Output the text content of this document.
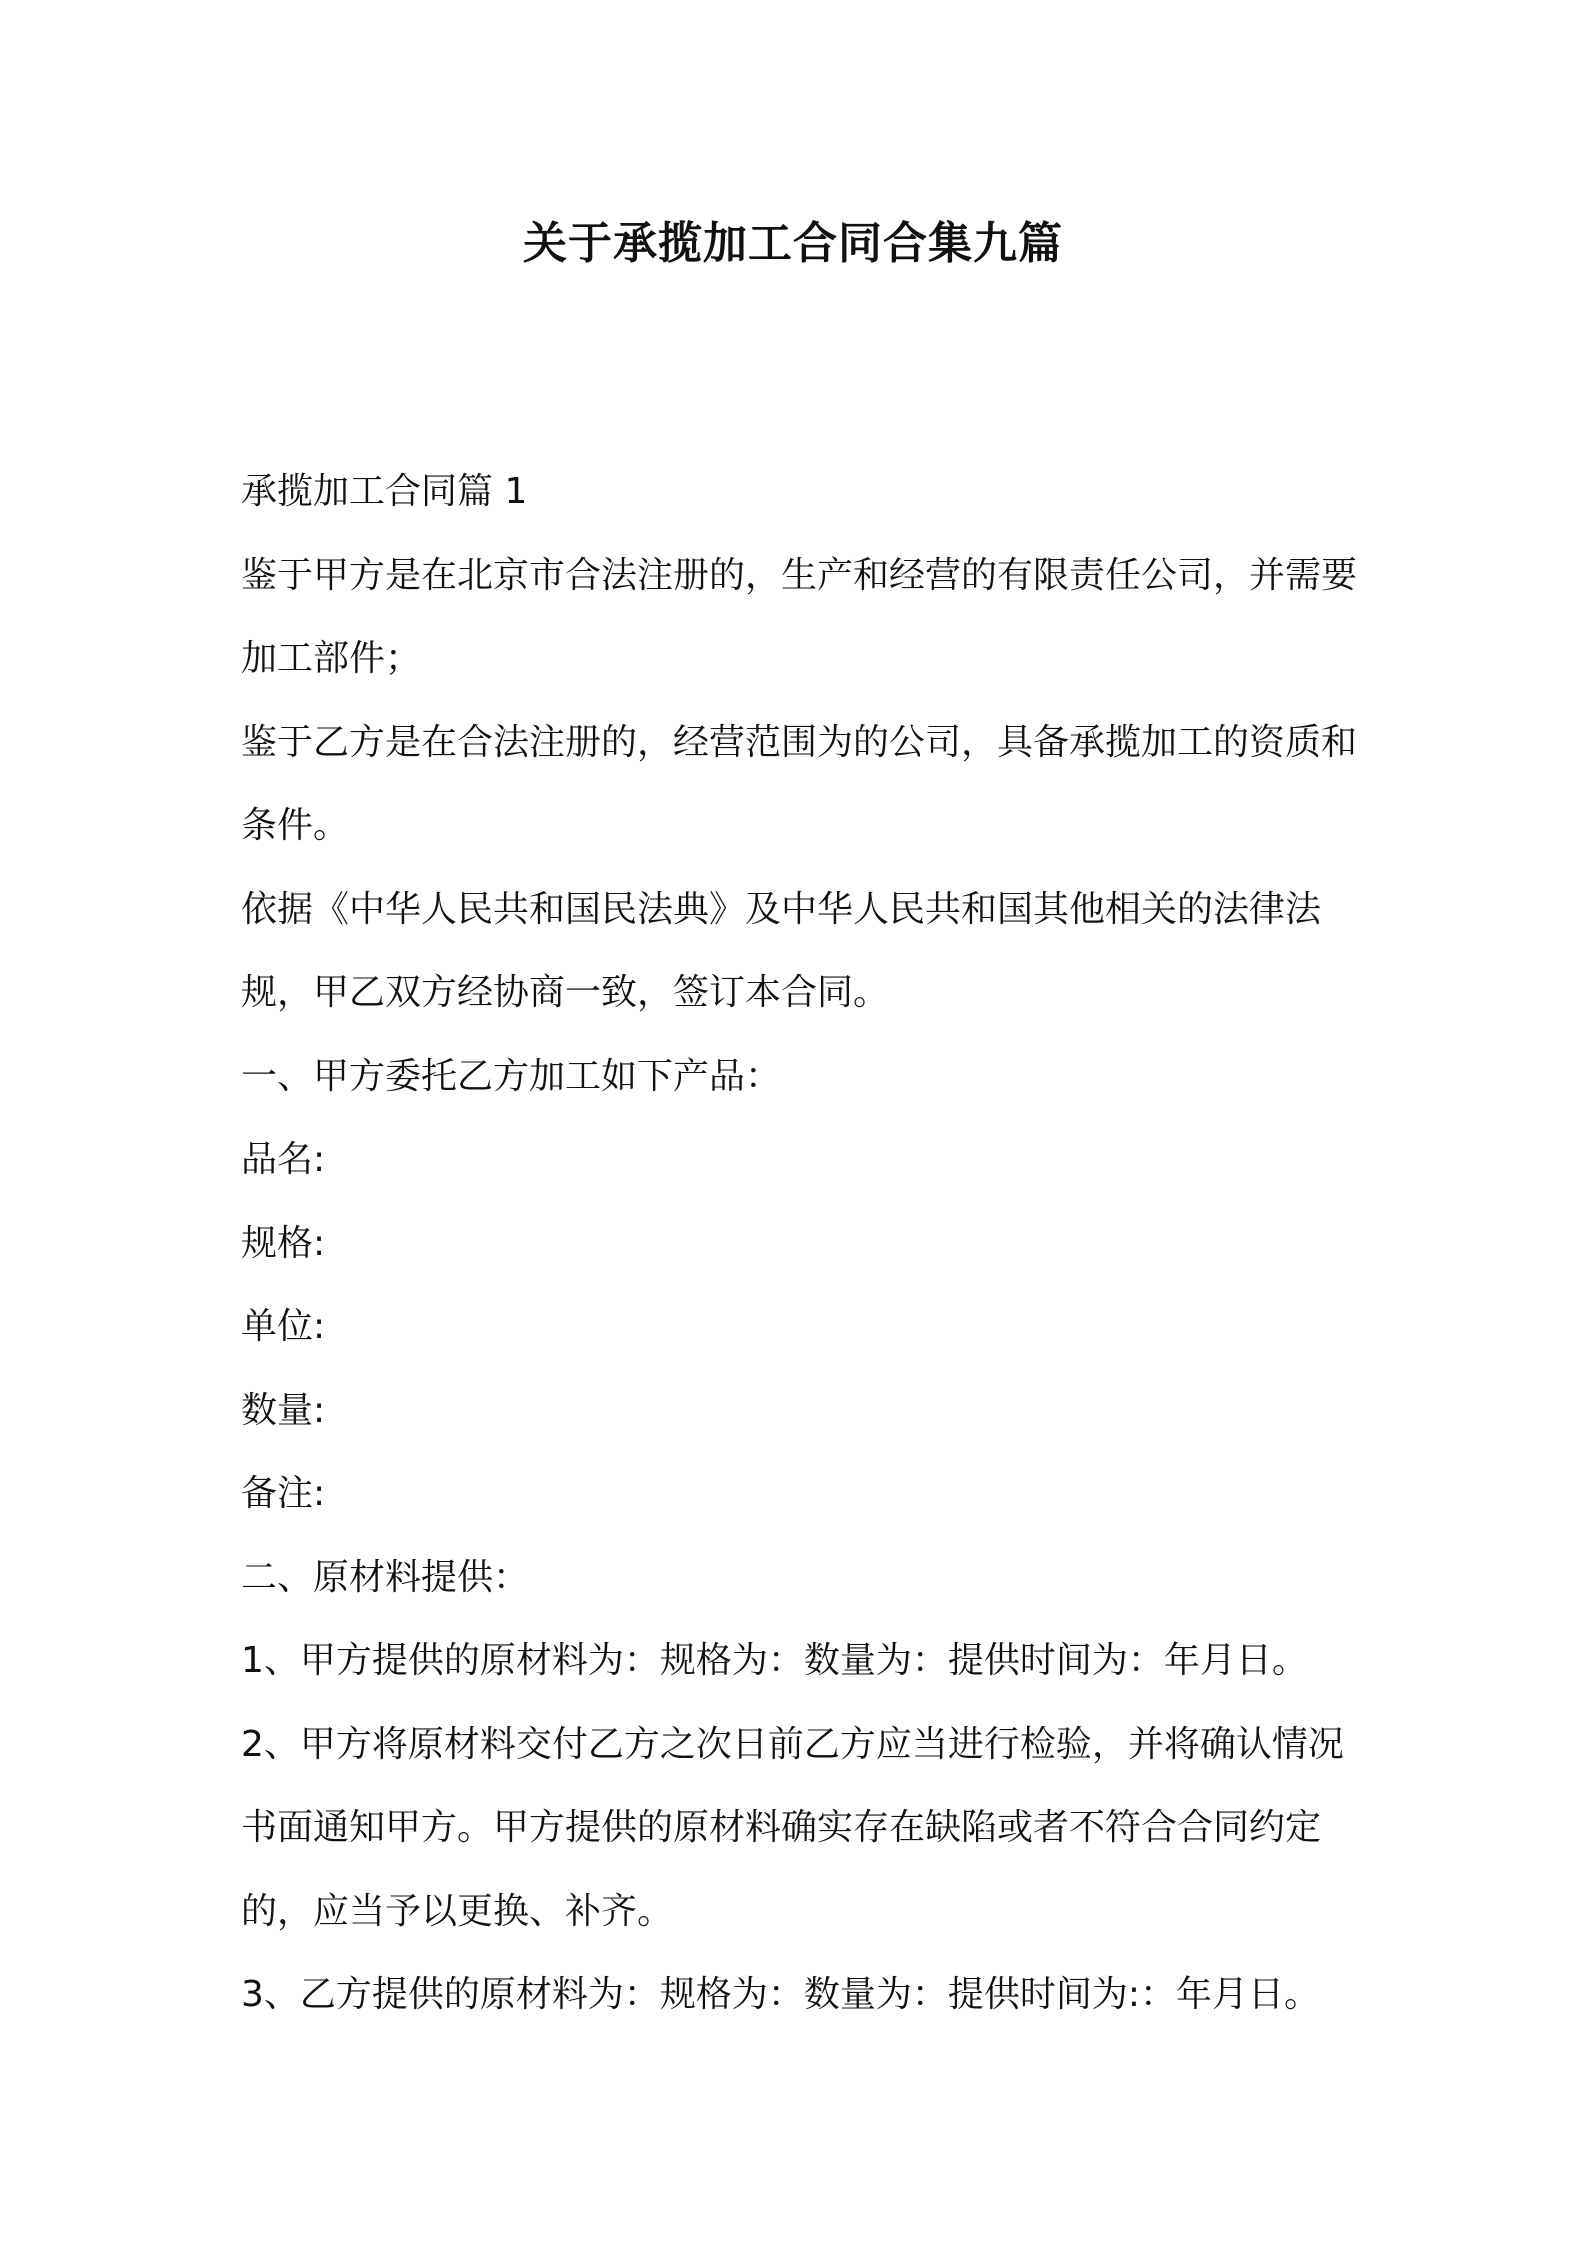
关于承揽加工合同合集九篇

承揽加工合同篇 1

鉴于甲方是在北京市合法注册的，生产和经营的有限责任公司，并需要加工部件；

鉴于乙方是在合法注册的，经营范围为的公司，具备承揽加工的资质和条件。

依据《中华人民共和国民法典》及中华人民共和国其他相关的法律法规，甲乙双方经协商一致，签订本合同。

一、甲方委托乙方加工如下产品：

品名:

规格:

单位:

数量:

备注:

二、原材料提供：

1、甲方提供的原材料为：规格为：数量为：提供时间为：年月日。

2、甲方将原材料交付乙方之次日前乙方应当进行检验，并将确认情况书面通知甲方。甲方提供的原材料确实存在缺陷或者不符合合同约定的，应当予以更换、补齐。

3、乙方提供的原材料为：规格为：数量为：提供时间为:：年月日。
